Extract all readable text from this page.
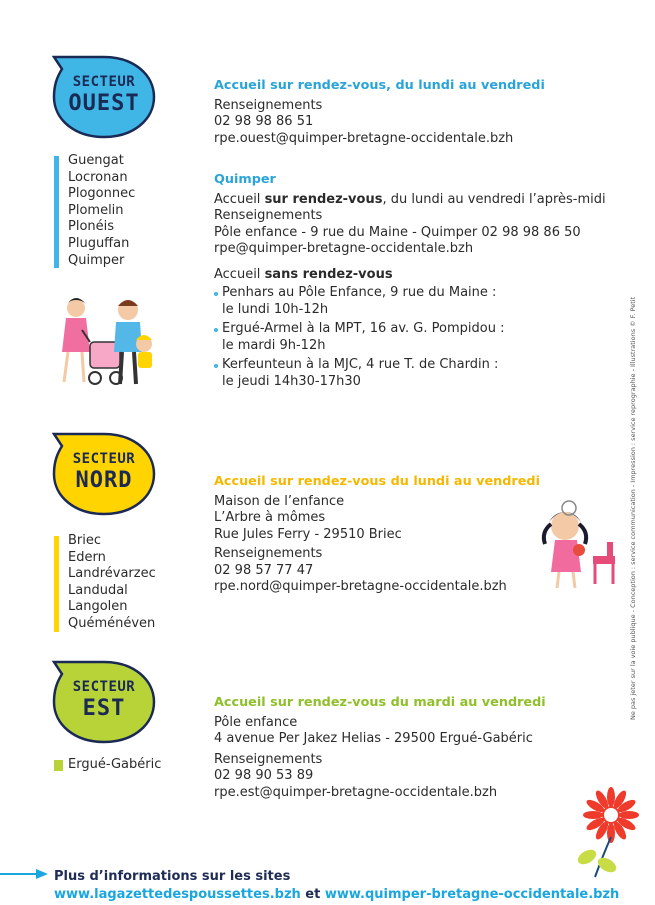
SECTEUR
OUEST
Guengat
Locronan
Plogonnec
Plomelin
Plonéis
Pluguffan
Quimper
Accueil sur rendez-vous, du lundi au vendredi
Renseignements
02 98 98 86 51
rpe.ouest@quimper-bretagne-occidentale.bzh
Quimper
Accueil sur rendez-vous, du lundi au vendredi l’après-midi
Renseignements
Pôle enfance - 9 rue du Maine - Quimper 02 98 98 86 50
rpe@quimper-bretagne-occidentale.bzh
Accueil sans rendez-vous
Penhars au Pôle Enfance, 9 rue du Maine :
le lundi 10h-12h
Ergué-Armel à la MPT, 16 av. G. Pompidou :
le mardi 9h-12h
Kerfeunteun à la MJC, 4 rue T. de Chardin :
le jeudi 14h30-17h30
SECTEUR
NORD
Briec
Edern
Landrévarzec
Landudal
Langolen
Quéménéven
Accueil sur rendez-vous du lundi au vendredi
Maison de l’enfance
L’Arbre à mômes
Rue Jules Ferry - 29510 Briec
Renseignements
02 98 57 77 47
rpe.nord@quimper-bretagne-occidentale.bzh
SECTEUR
EST
Ergué-Gabéric
Accueil sur rendez-vous du mardi au vendredi
Pôle enfance
4 avenue Per Jakez Helias - 29500 Ergué-Gabéric
Renseignements
02 98 90 53 89
rpe.est@quimper-bretagne-occidentale.bzh
Ne pas jeter sur la voie publique - Conception : service communication - Impression : service reprographie - Illustrations © F. Petit
Plus d’informations sur les sites
www.lagazettedespoussettes.bzh et www.quimper-bretagne-occidentale.bzh
